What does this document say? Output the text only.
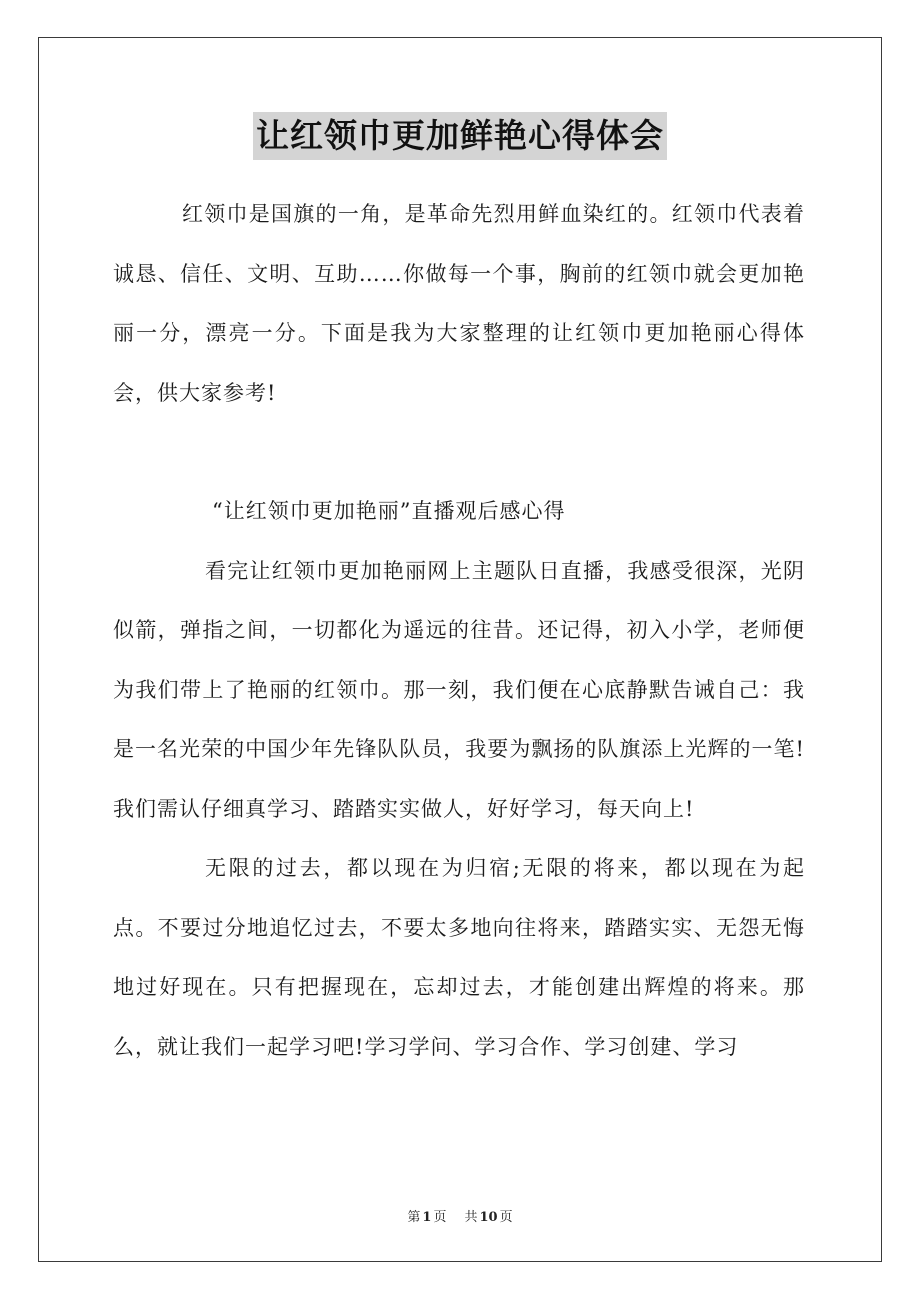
让红领巾更加鲜艳心得体会

红领巾是国旗的一角，是革命先烈用鲜血染红的。红领巾代表着诚恳、信任、文明、互助……你做每一个事，胸前的红领巾就会更加艳丽一分，漂亮一分。下面是我为大家整理的让红领巾更加艳丽心得体会，供大家参考!

“让红领巾更加艳丽”直播观后感心得

看完让红领巾更加艳丽网上主题队日直播，我感受很深，光阴似箭，弹指之间，一切都化为遥远的往昔。还记得，初入小学，老师便为我们带上了艳丽的红领巾。那一刻，我们便在心底静默告诫自己：我是一名光荣的中国少年先锋队队员，我要为飘扬的队旗添上光辉的一笔!我们需认仔细真学习、踏踏实实做人，好好学习，每天向上!

无限的过去，都以现在为归宿;无限的将来，都以现在为起点。不要过分地追忆过去，不要太多地向往将来，踏踏实实、无怨无悔地过好现在。只有把握现在，忘却过去，才能创建出辉煌的将来。那么，就让我们一起学习吧!学习学问、学习合作、学习创建、学习

第 1 页 共 10 页
